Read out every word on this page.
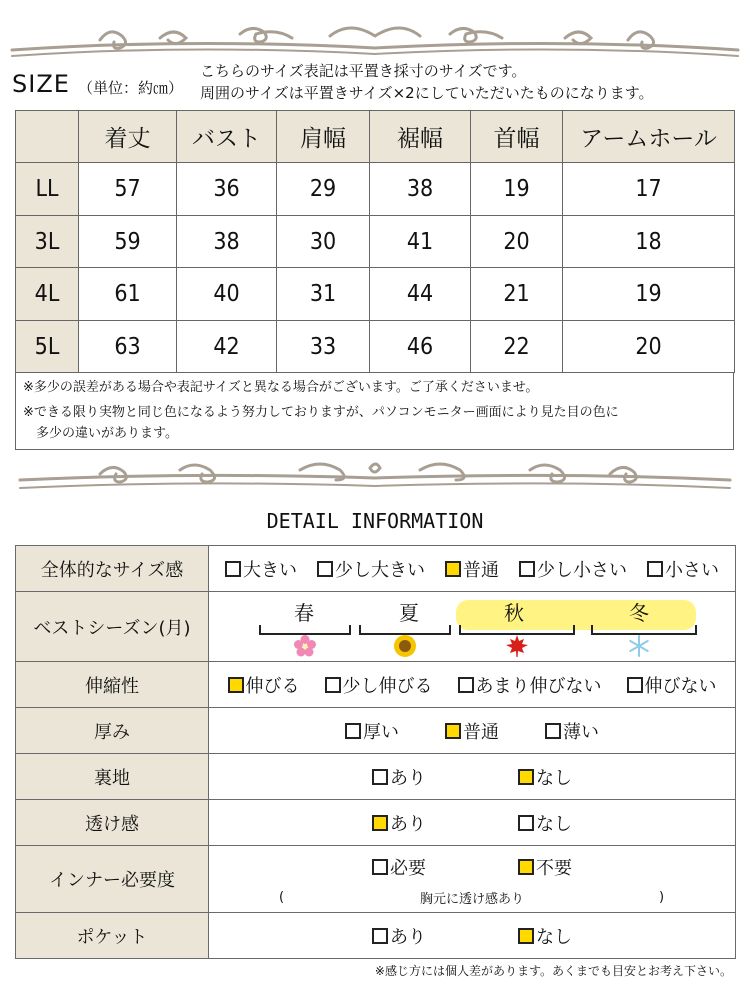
SIZE （単位：約㎝）
こちらのサイズ表記は平置き採寸のサイズです。
周囲のサイズは平置きサイズ×2にしていただいたものになります。
	着丈	バスト	肩幅	裾幅	首幅	アームホール
LL	57	36	29	38	19	17
3L	59	38	30	41	20	18
4L	61	40	31	44	21	19
5L	63	42	33	46	22	20
※多少の誤差がある場合や表記サイズと異なる場合がございます。ご了承くださいませ。
※できる限り実物と同じ色になるよう努力しておりますが、パソコンモニター画面により見た目の色に
　多少の違いがあります。
DETAIL INFORMATION
全体的なサイズ感	大きい 少し大きい 普通 少し小さい 小さい

ベストシーズン(月)	春 夏 秋 冬

伸縮性	伸びる 少し伸びる あまり伸びない 伸びない

厚み	厚い 普通 薄い

裏地	あり なし

透け感	あり なし

インナー必要度	必要 不要
( 胸元に透け感あり )

ポケット	あり なし
※感じ方には個人差があります。あくまでも目安とお考え下さい。
